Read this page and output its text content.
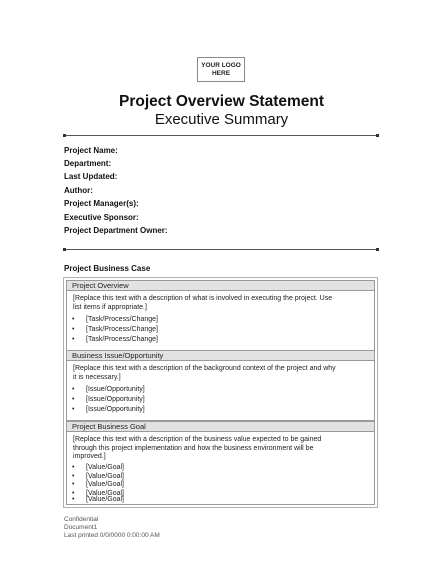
YOUR LOGO
HERE
Project Overview Statement
Executive Summary
Project Name:
Department:
Last Updated:
Author:
Project Manager(s):
Executive Sponsor:
Project Department Owner:
Project Business Case
Project Overview
[Replace this text with a description of what is involved in executing the project. Use
list items if appropriate.]
• [Task/Process/Change]
• [Task/Process/Change]
• [Task/Process/Change]
Business Issue/Opportunity
[Replace this text with a description of the background context of the project and why
it is necessary.]
• [Issue/Opportunity]
• [Issue/Opportunity]
• [Issue/Opportunity]
Project Business Goal
[Replace this text with a description of the business value expected to be gained
through this project implementation and how the business environment will be
improved.]
• [Value/Goal]
• [Value/Goal]
• [Value/Goal]
• [Value/Goal]
• [Value/Goal]
Confidential
Document1
Last printed 0/0/0000 0:00:00 AM
